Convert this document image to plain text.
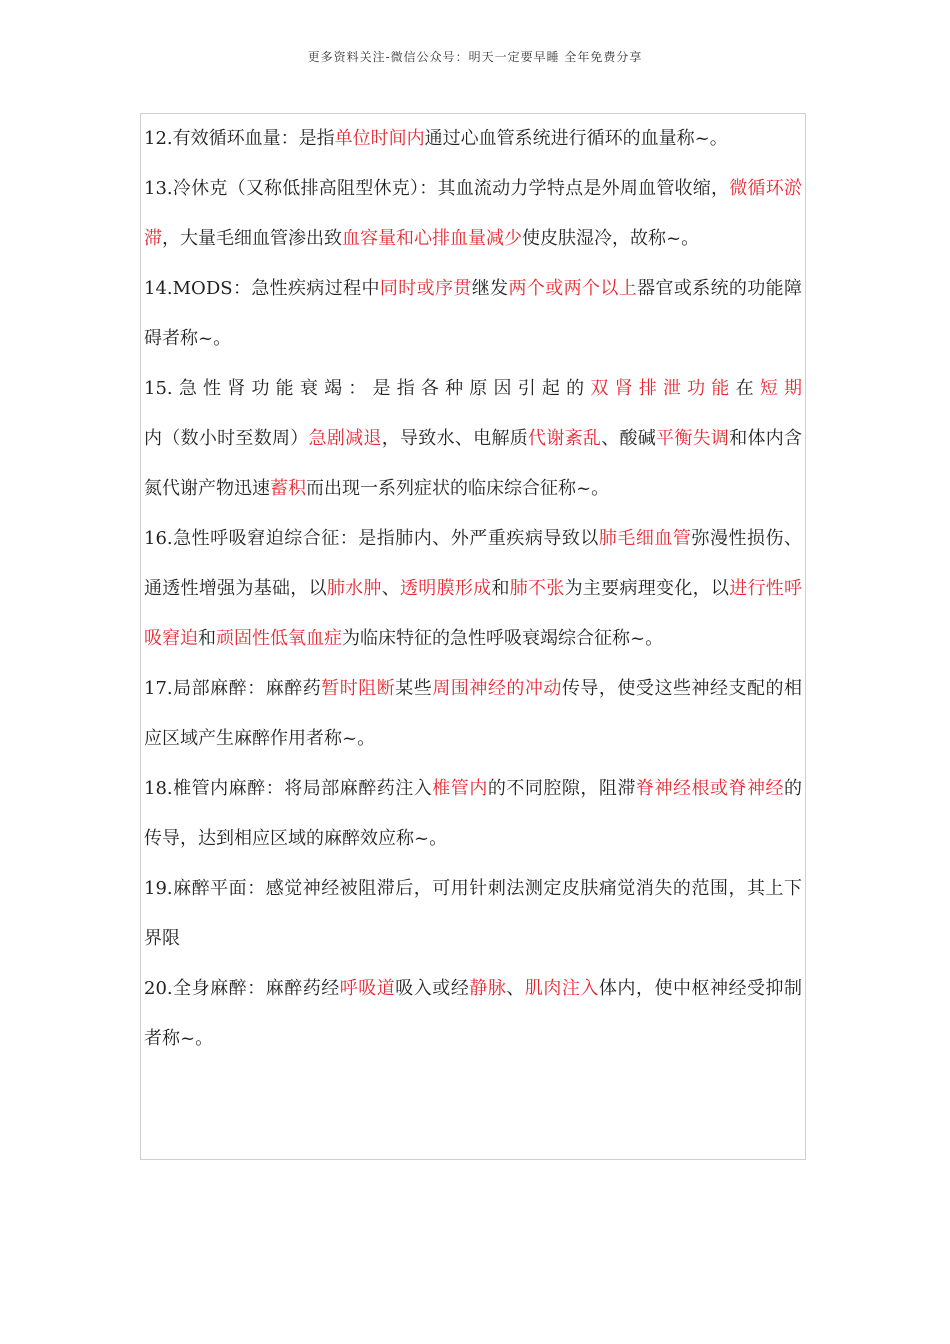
更多资料关注-微信公众号：明天一定要早睡 全年免费分享

12.有效循环血量：是指单位时间内通过心血管系统进行循环的血量称~。

13.冷休克（又称低排高阻型休克）：其血流动力学特点是外周血管收缩，微循环淤滞，大量毛细血管渗出致血容量和心排血量减少使皮肤湿冷，故称~。

14.MODS：急性疾病过程中同时或序贯继发两个或两个以上器官或系统的功能障碍者称~。

15.急性肾功能衰竭：是指各种原因引起的双肾排泄功能在短期内（数小时至数周）急剧减退，导致水、电解质代谢紊乱、酸碱平衡失调和体内含氮代谢产物迅速蓄积而出现一系列症状的临床综合征称~。

16.急性呼吸窘迫综合征：是指肺内、外严重疾病导致以肺毛细血管弥漫性损伤、通透性增强为基础，以肺水肿、透明膜形成和肺不张为主要病理变化，以进行性呼吸窘迫和顽固性低氧血症为临床特征的急性呼吸衰竭综合征称~。

17.局部麻醉：麻醉药暂时阻断某些周围神经的冲动传导，使受这些神经支配的相应区域产生麻醉作用者称~。

18.椎管内麻醉：将局部麻醉药注入椎管内的不同腔隙，阻滞脊神经根或脊神经的传导，达到相应区域的麻醉效应称~。

19.麻醉平面：感觉神经被阻滞后，可用针刺法测定皮肤痛觉消失的范围，其上下界限

20.全身麻醉：麻醉药经呼吸道吸入或经静脉、肌肉注入体内，使中枢神经受抑制者称~。
